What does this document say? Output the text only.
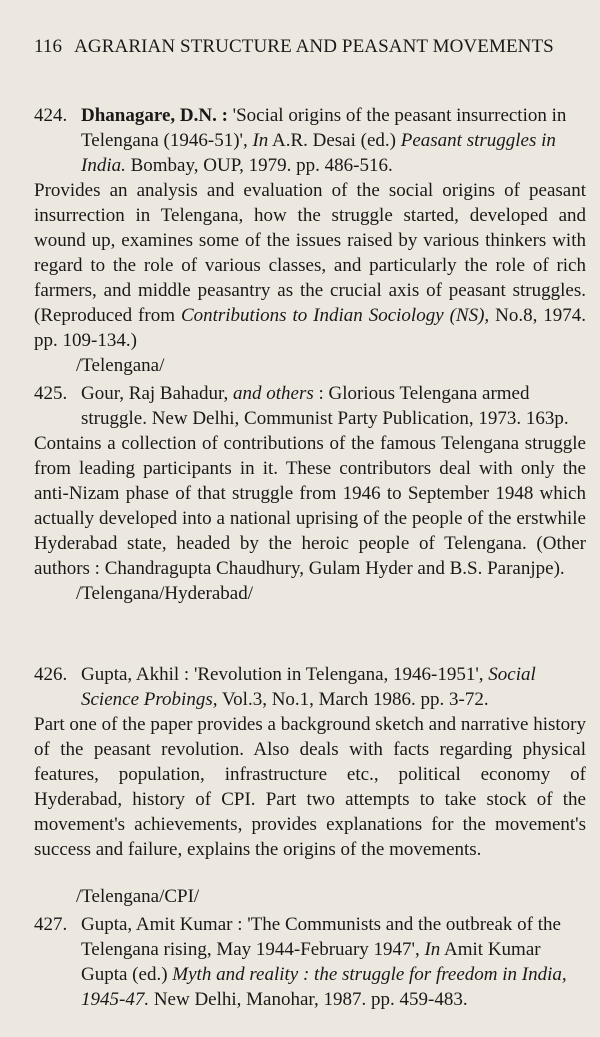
116 AGRARIAN STRUCTURE AND PEASANT MOVEMENTS
424. Dhanagare, D.N. : 'Social origins of the peasant insurrection in Telengana (1946-51)', In A.R. Desai (ed.) Peasant struggles in India. Bombay, OUP, 1979. pp. 486-516.
Provides an analysis and evaluation of the social origins of peasant insurrection in Telengana, how the struggle started, developed and wound up, examines some of the issues raised by various thinkers with regard to the role of various classes, and particularly the role of rich farmers, and middle peasantry as the crucial axis of peasant struggles. (Reproduced from Contributions to Indian Sociology (NS), No.8, 1974. pp. 109-134.)
/Telengana/
425. Gour, Raj Bahadur, and others : Glorious Telengana armed struggle. New Delhi, Communist Party Publication, 1973. 163p.
Contains a collection of contributions of the famous Telengana struggle from leading participants in it. These contributors deal with only the anti-Nizam phase of that struggle from 1946 to September 1948 which actually developed into a national uprising of the people of the erstwhile Hyderabad state, headed by the heroic people of Telengana. (Other authors : Chandragupta Chaudhury, Gulam Hyder and B.S. Paranjpe).
/Telengana/Hyderabad/
426. Gupta, Akhil : 'Revolution in Telengana, 1946-1951', Social Science Probings, Vol.3, No.1, March 1986. pp. 3-72.
Part one of the paper provides a background sketch and narrative history of the peasant revolution. Also deals with facts regarding physical features, population, infrastructure etc., political economy of Hyderabad, history of CPI. Part two attempts to take stock of the movement's achievements, provides explanations for the movement's success and failure, explains the origins of the movements.
/Telengana/CPI/
427. Gupta, Amit Kumar : 'The Communists and the outbreak of the Telengana rising, May 1944-February 1947', In Amit Kumar Gupta (ed.) Myth and reality : the struggle for freedom in India, 1945-47. New Delhi, Manohar, 1987. pp. 459-483.
